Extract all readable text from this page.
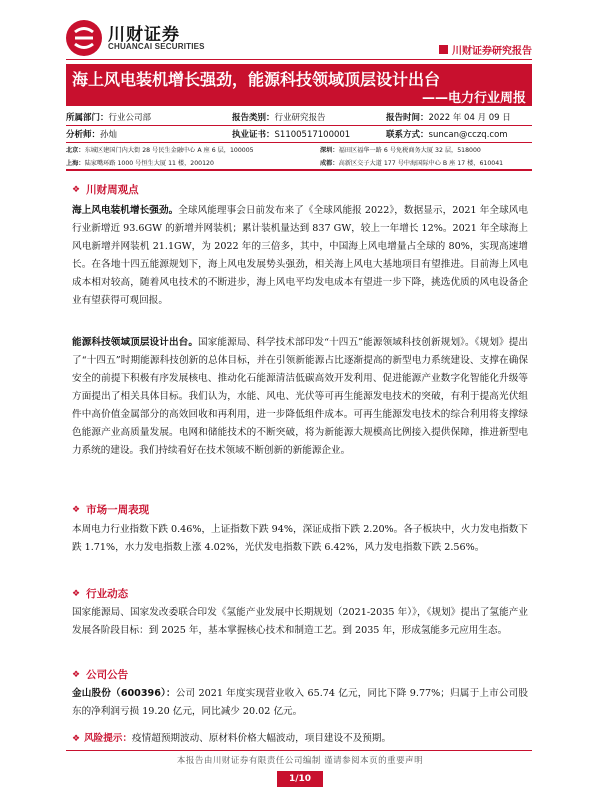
川财证券
CHUANCAI SECURITIES	川财证券研究报告
海上风电装机增长强劲，能源科技领域顶层设计出台
——电力行业周报
所属部门：行业公司部	报告类别：行业研究报告	报告时间：2022 年 04 月 09 日
分析师：孙灿	执业证书：S1100517100001	联系方式：suncan@cczq.com
北京：东城区建国门内大街 28 号民生金融中心 A 座 6 层，100005	深圳：福田区福华一路 6 号免税商务大厦 32 层，518000
上海：陆家嘴环路 1000 号恒生大厦 11 楼，200120	成都：高新区交子大道 177 号中海国际中心 B 座 17 楼，610041
❖ 川财周观点
海上风电装机增长强劲。全球风能理事会日前发布来了《全球风能报 2022》，数据显示，2021 年全球风电行业新增近 93.6GW 的新增并网装机；累计装机量达到 837 GW，较上一年增长 12%。2021 年全球海上风电新增并网装机 21.1GW，为 2022 年的三倍多，其中，中国海上风电增量占全球的 80%，实现高速增长。在各地十四五能源规划下，海上风电发展势头强劲，相关海上风电大基地项目有望推进。目前海上风电成本相对较高，随着风电技术的不断进步，海上风电平均发电成本有望进一步下降，挑选优质的风电设备企业有望获得可观回报。
能源科技领域顶层设计出台。国家能源局、科学技术部印发“十四五”能源领域科技创新规划》。《规划》提出了“十四五”时期能源科技创新的总体目标，并在引领新能源占比逐渐提高的新型电力系统建设、支撑在确保安全的前提下积极有序发展核电、推动化石能源清洁低碳高效开发利用、促进能源产业数字化智能化升级等方面提出了相关具体目标。我们认为，水能、风电、光伏等可再生能源发电技术的突破，有利于提高光伏组件中高价值金属部分的高效回收和再利用，进一步降低组件成本。可再生能源发电技术的综合利用将支撑绿色能源产业高质量发展。电网和储能技术的不断突破，将为新能源大规模高比例接入提供保障，推进新型电力系统的建设。我们持续看好在技术领域不断创新的新能源企业。
❖ 市场一周表现
本周电力行业指数下跌 0.46%，上证指数下跌 94%，深证成指下跌 2.20%。各子板块中，火力发电指数下跌 1.71%，水力发电指数上涨 4.02%，光伏发电指数下跌 6.42%，风力发电指数下跌 2.56%。
❖ 行业动态
国家能源局、国家发改委联合印发《氢能产业发展中长期规划（2021-2035 年）》，《规划》提出了氢能产业发展各阶段目标：到 2025 年，基本掌握核心技术和制造工艺。到 2035 年，形成氢能多元应用生态。
❖ 公司公告
金山股份（600396）：公司 2021 年度实现营业收入 65.74 亿元，同比下降 9.77%；归属于上市公司股东的净利润亏损 19.20 亿元，同比减少 20.02 亿元。
❖ 风险提示：疫情超预期波动、原材料价格大幅波动，项目建设不及预期。
本报告由川财证券有限责任公司编制 谨请参阅本页的重要声明
1/10
